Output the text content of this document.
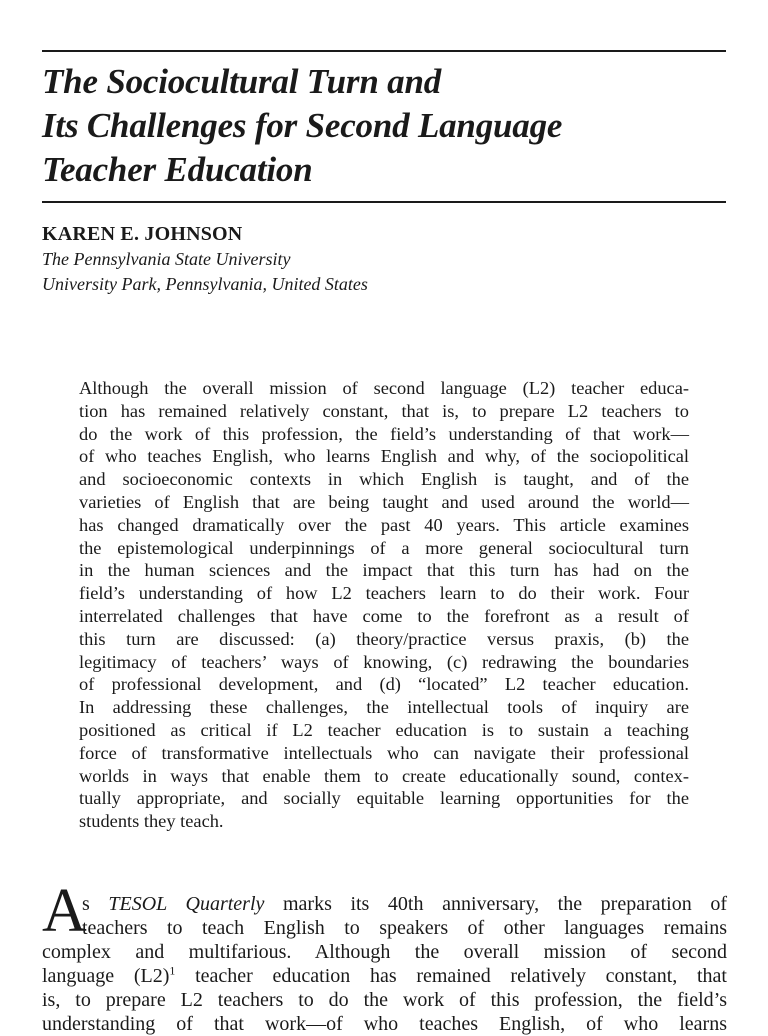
The Sociocultural Turn and
Its Challenges for Second Language
Teacher Education
KAREN E. JOHNSON
The Pennsylvania State University
University Park, Pennsylvania, United States

Although the overall mission of second language (L2) teacher educa-
tion has remained relatively constant, that is, to prepare L2 teachers to
do the work of this profession, the field’s understanding of that work—
of who teaches English, who learns English and why, of the sociopolitical
and socioeconomic contexts in which English is taught, and of the
varieties of English that are being taught and used around the world—
has changed dramatically over the past 40 years. This article examines
the epistemological underpinnings of a more general sociocultural turn
in the human sciences and the impact that this turn has had on the
field’s understanding of how L2 teachers learn to do their work. Four
interrelated challenges that have come to the forefront as a result of
this turn are discussed: (a) theory/practice versus praxis, (b) the
legitimacy of teachers’ ways of knowing, (c) redrawing the boundaries
of professional development, and (d) “located” L2 teacher education.
In addressing these challenges, the intellectual tools of inquiry are
positioned as critical if L2 teacher education is to sustain a teaching
force of transformative intellectuals who can navigate their professional
worlds in ways that enable them to create educationally sound, contex-
tually appropriate, and socially equitable learning opportunities for the
students they teach.

A

s TESOL Quarterly marks its 40th anniversary, the preparation of
teachers to teach English to speakers of other languages remains
complex and multifarious. Although the overall mission of second
language $(L2)^1$ teacher education has remained relatively constant, that
is, to prepare L2 teachers to do the work of this profession, the field’s
understanding of that work—of who teaches English, of who learns
